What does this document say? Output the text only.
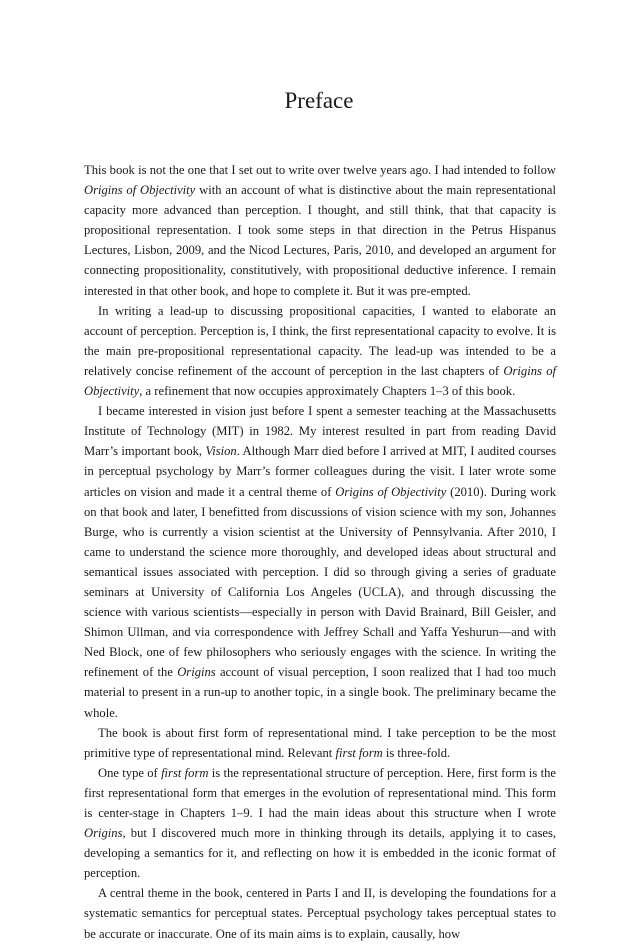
Preface

This book is not the one that I set out to write over twelve years ago. I had intended to follow Origins of Objectivity with an account of what is distinctive about the main representational capacity more advanced than perception. I thought, and still think, that that capacity is propositional representation. I took some steps in that direction in the Petrus Hispanus Lectures, Lisbon, 2009, and the Nicod Lectures, Paris, 2010, and developed an argument for connecting propositionality, constitutively, with propositional deductive inference. I remain interested in that other book, and hope to complete it. But it was pre-empted.

In writing a lead-up to discussing propositional capacities, I wanted to elaborate an account of perception. Perception is, I think, the first representational capacity to evolve. It is the main pre-propositional representational capacity. The lead-up was intended to be a relatively concise refinement of the account of perception in the last chapters of Origins of Objectivity, a refinement that now occupies approximately Chapters 1–3 of this book.

I became interested in vision just before I spent a semester teaching at the Massachusetts Institute of Technology (MIT) in 1982. My interest resulted in part from reading David Marr’s important book, Vision. Although Marr died before I arrived at MIT, I audited courses in perceptual psychology by Marr’s former colleagues during the visit. I later wrote some articles on vision and made it a central theme of Origins of Objectivity (2010). During work on that book and later, I benefitted from discussions of vision science with my son, Johannes Burge, who is currently a vision scientist at the University of Pennsylvania. After 2010, I came to understand the science more thoroughly, and developed ideas about structural and semantical issues associated with perception. I did so through giving a series of graduate seminars at University of California Los Angeles (UCLA), and through discussing the science with various scientists—especially in person with David Brainard, Bill Geisler, and Shimon Ullman, and via correspondence with Jeffrey Schall and Yaffa Yeshurun—and with Ned Block, one of few philosophers who seriously engages with the science. In writing the refinement of the Origins account of visual perception, I soon realized that I had too much material to present in a run-up to another topic, in a single book. The preliminary became the whole.

The book is about first form of representational mind. I take perception to be the most primitive type of representational mind. Relevant first form is three-fold.

One type of first form is the representational structure of perception. Here, first form is the first representational form that emerges in the evolution of representational mind. This form is center-stage in Chapters 1–9. I had the main ideas about this structure when I wrote Origins, but I discovered much more in thinking through its details, applying it to cases, developing a semantics for it, and reflecting on how it is embedded in the iconic format of perception.

A central theme in the book, centered in Parts I and II, is developing the foundations for a systematic semantics for perceptual states. Perceptual psychology takes perceptual states to be accurate or inaccurate. One of its main aims is to explain, causally, how
